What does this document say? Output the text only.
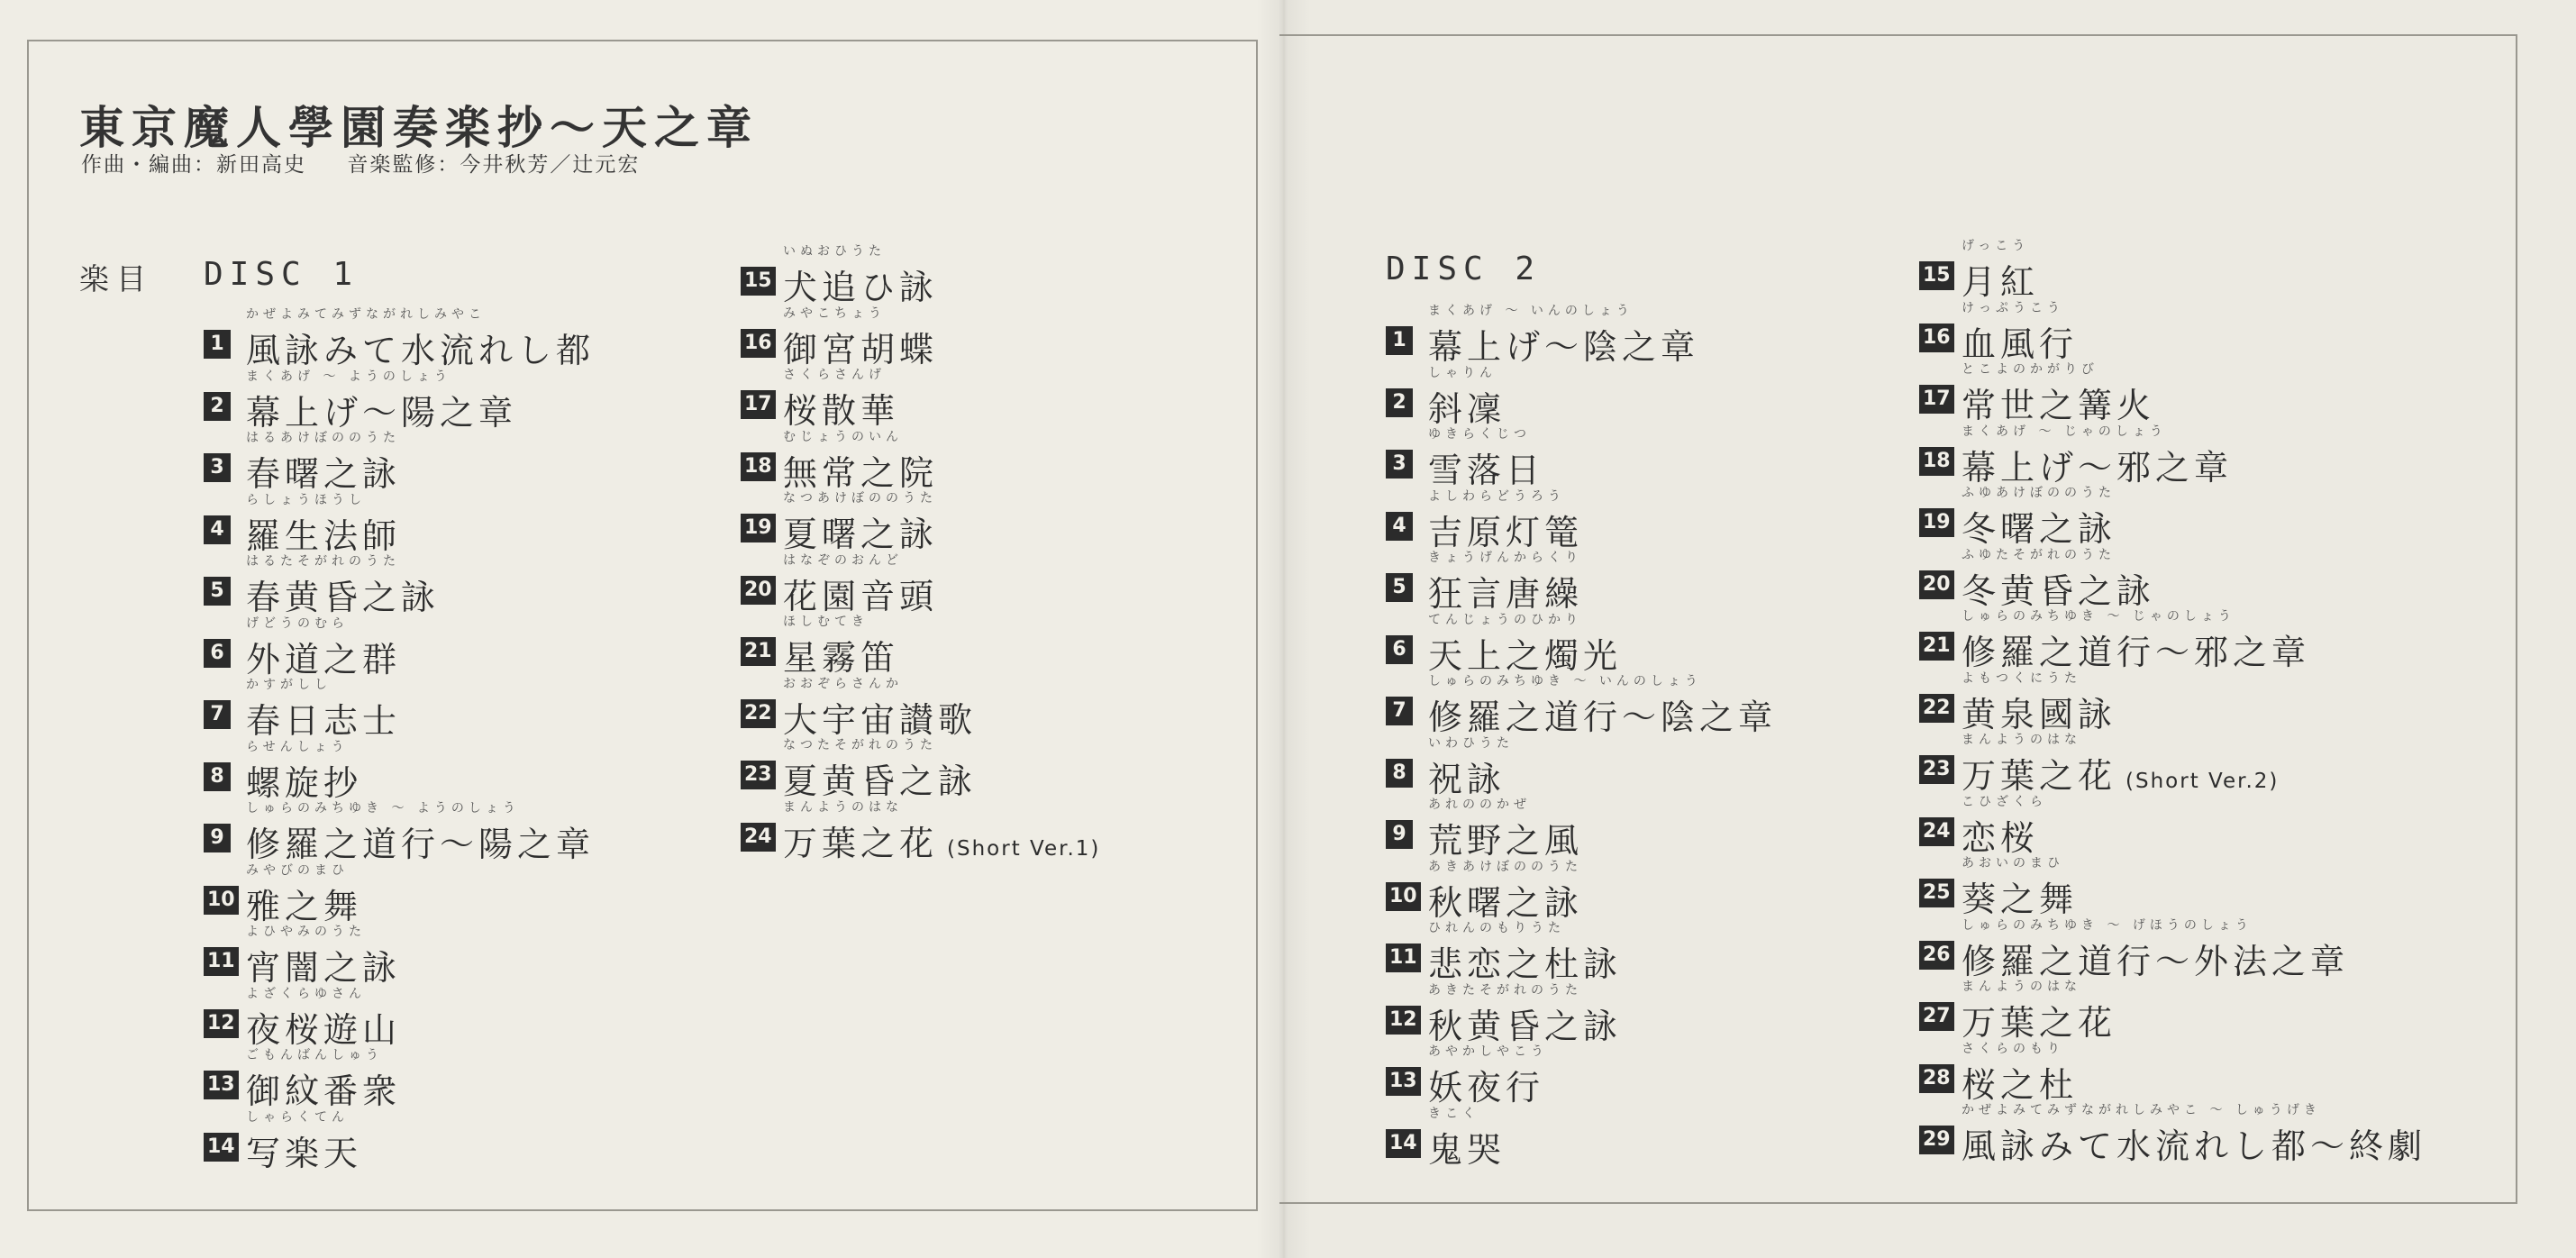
東京魔人學園奏楽抄～天之章
作曲・編曲：新田高史 音楽監修：今井秋芳／辻元宏
楽目 DISC 1	DISC 2
かぜよみてみずながれしみやこ
1 風詠みて水流れし都
まくあげ ～ ようのしょう
2 幕上げ～陽之章
はるあけぼののうた
3 春曙之詠
らしょうほうし
4 羅生法師
はるたそがれのうた
5 春黄昏之詠
げどうのむら
6 外道之群
かすがしし
7 春日志士
らせんしょう
8 螺旋抄
しゅらのみちゆき ～ ようのしょう
9 修羅之道行～陽之章
みやびのまひ
10 雅之舞
よひやみのうた
11 宵闇之詠
よざくらゆさん
12 夜桜遊山
ごもんばんしゅう
13 御紋番衆
しゃらくてん
14 写楽天
いぬおひうた
15 犬追ひ詠
みやこちょう
16 御宮胡蝶
さくらさんげ
17 桜散華
むじょうのいん
18 無常之院
なつあけぼののうた
19 夏曙之詠
はなぞのおんど
20 花園音頭
ほしむてき
21 星霧笛
おおぞらさんか
22 大宇宙讃歌
なつたそがれのうた
23 夏黄昏之詠
まんようのはな
24 万葉之花 (Short Ver.1)
まくあげ ～ いんのしょう
1 幕上げ～陰之章
しゃりん
2 斜凜
ゆきらくじつ
3 雪落日
よしわらどうろう
4 吉原灯篭
きょうげんからくり
5 狂言唐繰
てんじょうのひかり
6 天上之燭光
しゅらのみちゆき ～ いんのしょう
7 修羅之道行～陰之章
いわひうた
8 祝詠
あれののかぜ
9 荒野之風
あきあけぼののうた
10 秋曙之詠
ひれんのもりうた
11 悲恋之杜詠
あきたそがれのうた
12 秋黄昏之詠
あやかしやこう
13 妖夜行
きこく
14 鬼哭
げっこう
15 月紅
けっぷうこう
16 血風行
とこよのかがりび
17 常世之篝火
まくあげ ～ じゃのしょう
18 幕上げ～邪之章
ふゆあけぼののうた
19 冬曙之詠
ふゆたそがれのうた
20 冬黄昏之詠
しゅらのみちゆき ～ じゃのしょう
21 修羅之道行～邪之章
よもつくにうた
22 黄泉國詠
まんようのはな
23 万葉之花 (Short Ver.2)
こひざくら
24 恋桜
あおいのまひ
25 葵之舞
しゅらのみちゆき ～ げほうのしょう
26 修羅之道行～外法之章
まんようのはな
27 万葉之花
さくらのもり
28 桜之杜
かぜよみてみずながれしみやこ ～ しゅうげき
29 風詠みて水流れし都～終劇
